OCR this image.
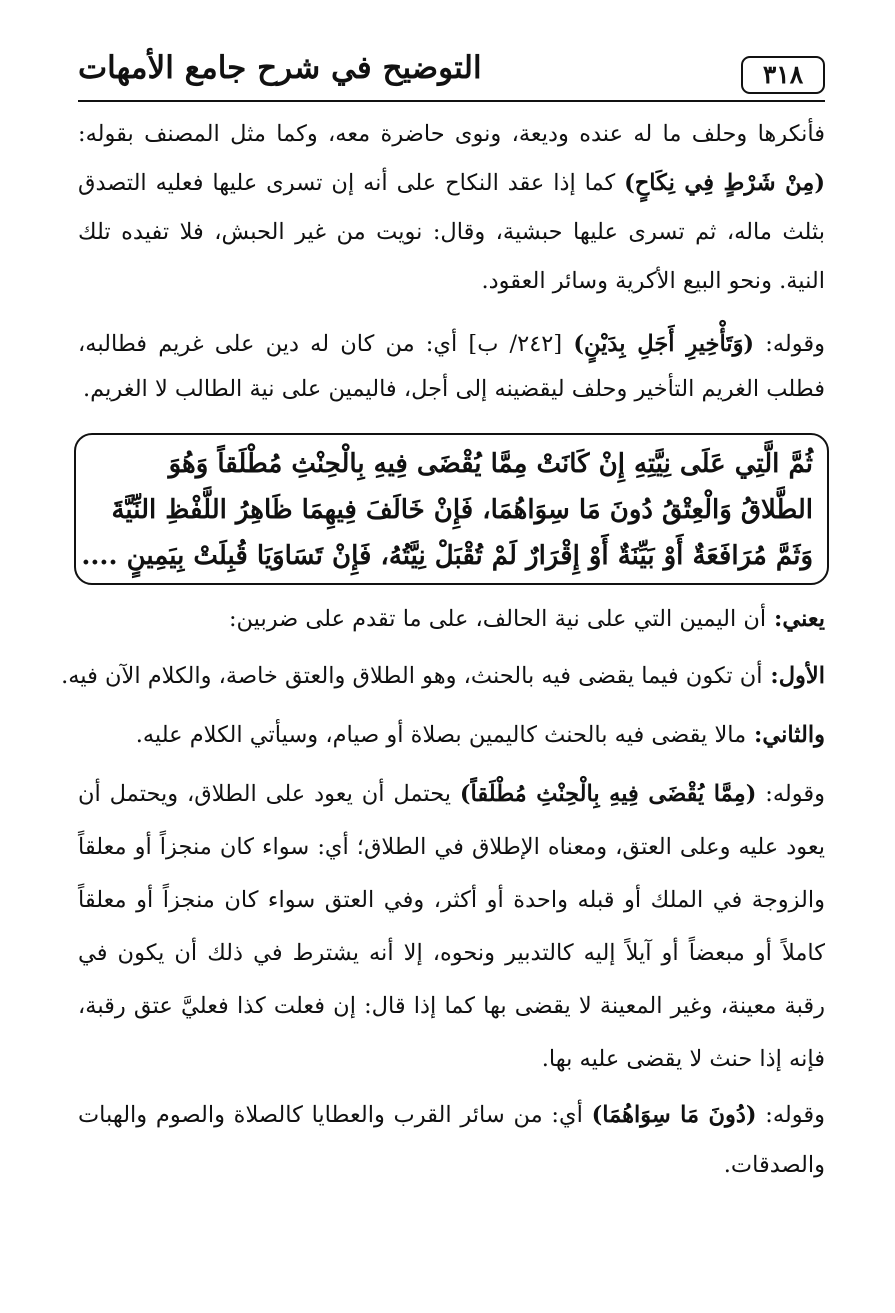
٣١٨
التوضيح في شرح جامع الأمهات

فأنكرها وحلف ما له عنده وديعة، ونوى حاضرة معه، وكما مثل المصنف بقوله: (مِنْ شَرْطٍ فِي نِكَاحٍ) كما إذا عقد النكاح على أنه إن تسرى عليها فعليه التصدق بثلث ماله، ثم تسرى عليها حبشية، وقال: نويت من غير الحبش، فلا تفيده تلك النية. ونحو البيع الأكرية وسائر العقود.

وقوله: (وَتَأْخِيرِ أَجَلِ بِدَيْنٍ) [٢٤٢/ ب] أي: من كان له دين على غريم فطالبه، فطلب الغريم التأخير وحلف ليقضينه إلى أجل، فاليمين على نية الطالب لا الغريم.

ثُمَّ الَّتِي عَلَى نِيَّتِهِ إِنْ كَانَتْ مِمَّا يُقْضَى فِيهِ بِالْحِنْثِ مُطْلَقاً وَهُوَ
الطَّلاقُ وَالْعِتْقُ دُونَ مَا سِوَاهُمَا، فَإِنْ خَالَفَ فِيهِمَا ظَاهِرُ اللَّفْظِ النِّيَّةَ
وَثَمَّ مُرَافَعَةٌ أَوْ بَيِّنَةٌ أَوْ إِقْرَارٌ لَمْ تُقْبَلْ نِيَّتُهُ، فَإِنْ تَسَاوَيَا قُبِلَتْ بِيَمِينٍ ....

يعني: أن اليمين التي على نية الحالف، على ما تقدم على ضربين:

الأول: أن تكون فيما يقضى فيه بالحنث، وهو الطلاق والعتق خاصة، والكلام الآن فيه.

والثاني: مالا يقضى فيه بالحنث كاليمين بصلاة أو صيام، وسيأتي الكلام عليه.

وقوله: (مِمَّا يُقْضَى فِيهِ بِالْحِنْثِ مُطْلَقاً) يحتمل أن يعود على الطلاق، ويحتمل أن يعود عليه وعلى العتق، ومعناه الإطلاق في الطلاق؛ أي: سواء كان منجزاً أو معلقاً والزوجة في الملك أو قبله واحدة أو أكثر، وفي العتق سواء كان منجزاً أو معلقاً كاملاً أو مبعضاً أو آيلاً إليه كالتدبير ونحوه، إلا أنه يشترط في ذلك أن يكون في رقبة معينة، وغير المعينة لا يقضى بها كما إذا قال: إن فعلت كذا فعليَّ عتق رقبة، فإنه إذا حنث لا يقضى عليه بها.

وقوله: (دُونَ مَا سِوَاهُمَا) أي: من سائر القرب والعطايا كالصلاة والصوم والهبات والصدقات.
